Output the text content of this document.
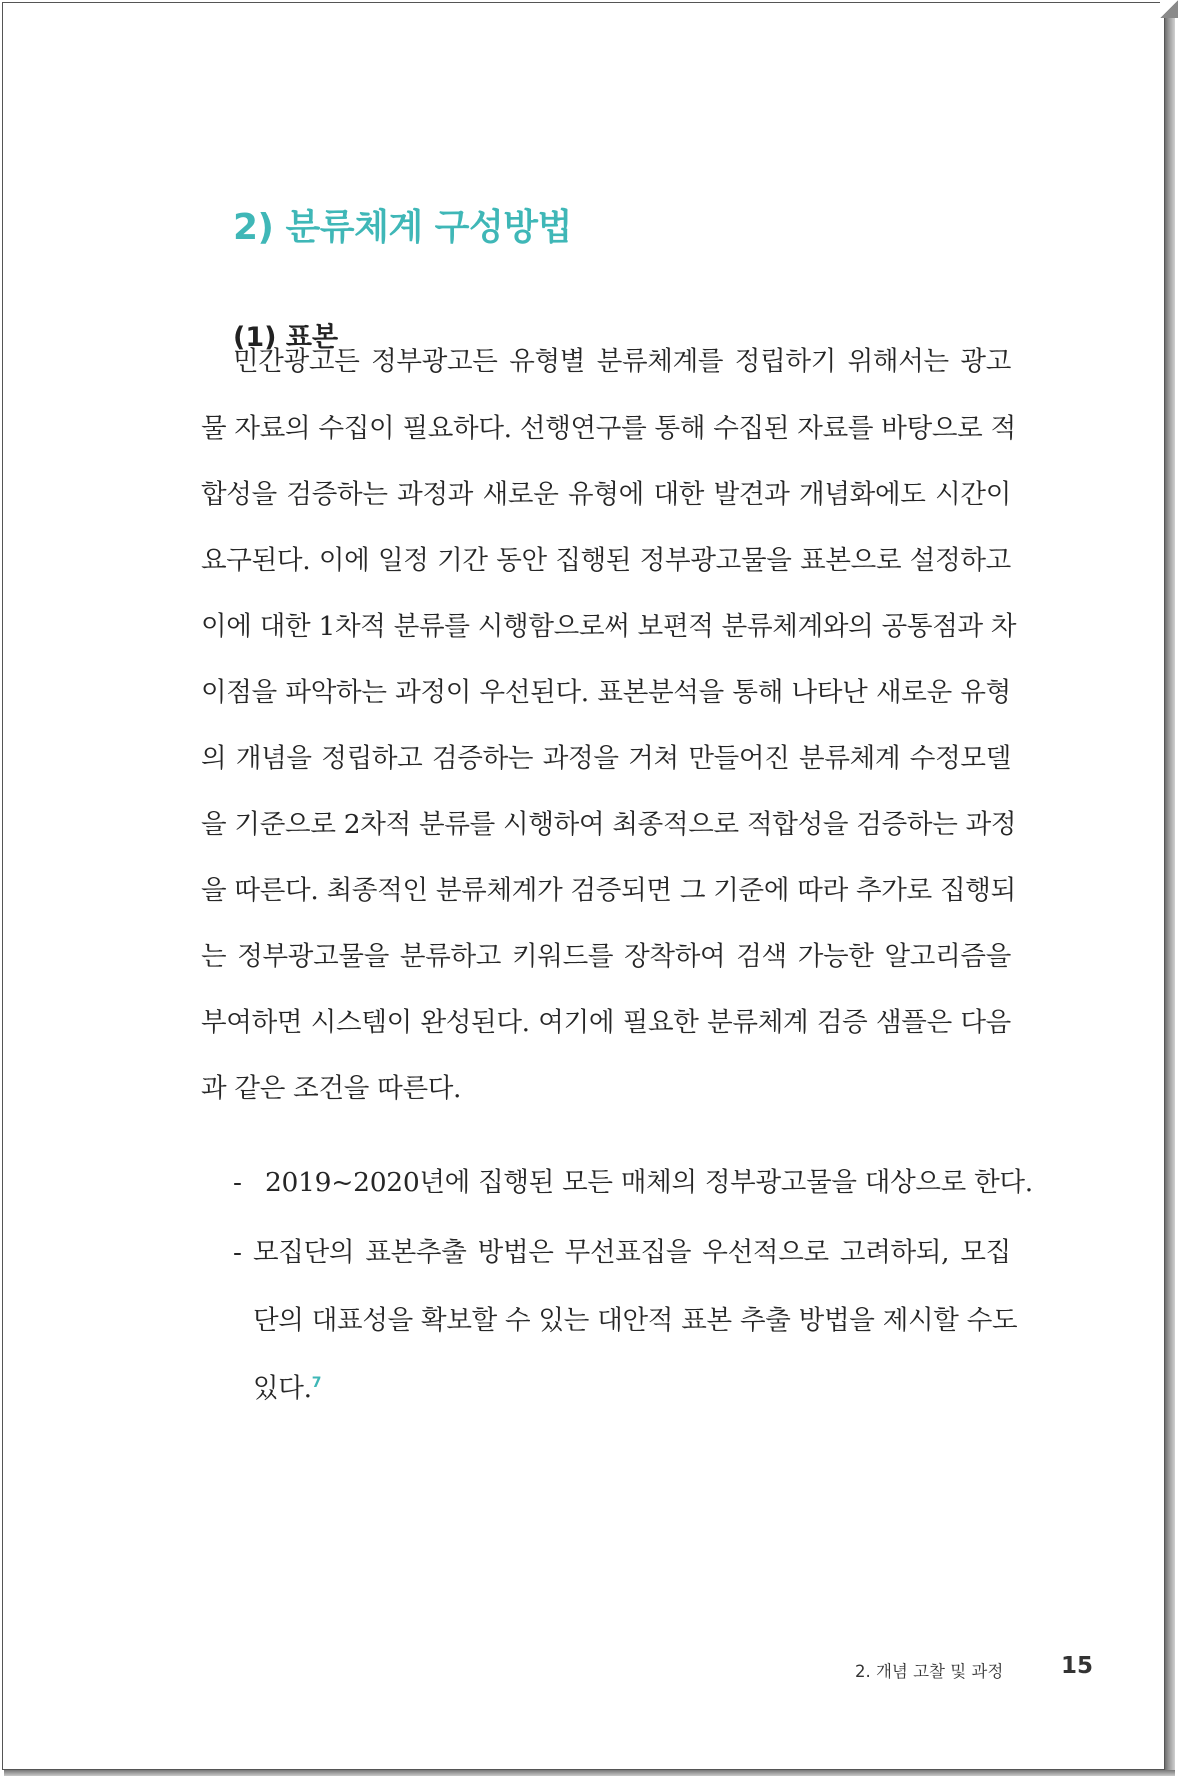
2) 분류체계 구성방법
(1) 표본
민간광고든 정부광고든 유형별 분류체계를 정립하기 위해서는 광고
물 자료의 수집이 필요하다. 선행연구를 통해 수집된 자료를 바탕으로 적
합성을 검증하는 과정과 새로운 유형에 대한 발견과 개념화에도 시간이
요구된다. 이에 일정 기간 동안 집행된 정부광고물을 표본으로 설정하고
이에 대한 1차적 분류를 시행함으로써 보편적 분류체계와의 공통점과 차
이점을 파악하는 과정이 우선된다. 표본분석을 통해 나타난 새로운 유형
의 개념을 정립하고 검증하는 과정을 거쳐 만들어진 분류체계 수정모델
을 기준으로 2차적 분류를 시행하여 최종적으로 적합성을 검증하는 과정
을 따른다. 최종적인 분류체계가 검증되면 그 기준에 따라 추가로 집행되
는 정부광고물을 분류하고 키워드를 장착하여 검색 가능한 알고리즘을
부여하면 시스템이 완성된다. 여기에 필요한 분류체계 검증 샘플은 다음
과 같은 조건을 따른다.
- 2019~2020년에 집행된 모든 매체의 정부광고물을 대상으로 한다.
- 모집단의 표본추출 방법은 무선표집을 우선적으로 고려하되, 모집
단의 대표성을 확보할 수 있는 대안적 표본 추출 방법을 제시할 수도
있다.$^7$
2. 개념 고찰 및 과정	15
